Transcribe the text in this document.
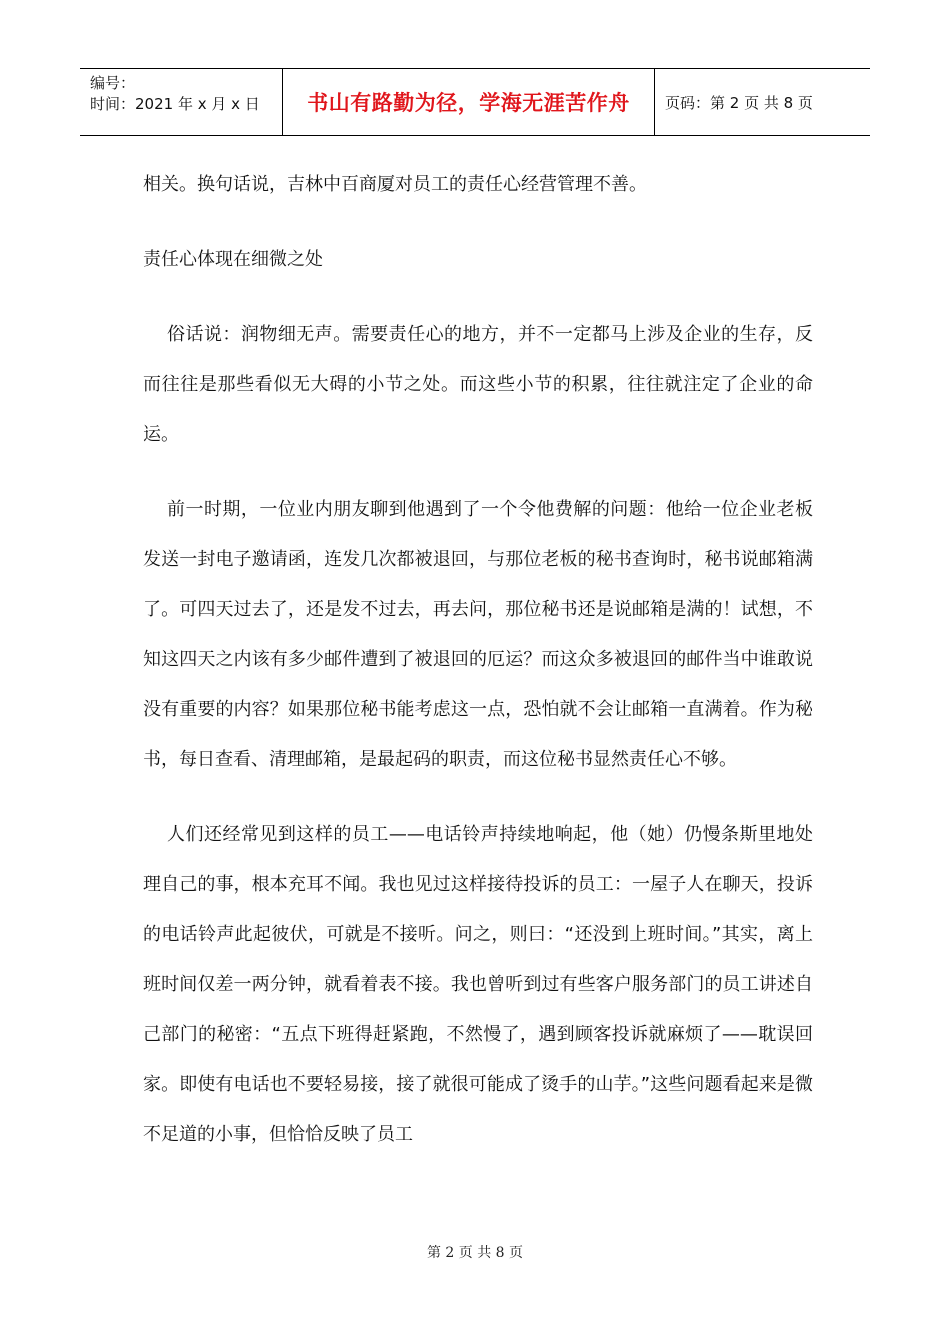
编号：
时间：2021 年 x 月 x 日	书山有路勤为径，学海无涯苦作舟 页码：第 2 页 共 8 页

相关。换句话说，吉林中百商厦对员工的责任心经营管理不善。

责任心体现在细微之处

俗话说：润物细无声。需要责任心的地方，并不一定都马上涉及企业的生存，反而往往是那些看似无大碍的小节之处。而这些小节的积累，往往就注定了企业的命运。

前一时期，一位业内朋友聊到他遇到了一个令他费解的问题：他给一位企业老板发送一封电子邀请函，连发几次都被退回，与那位老板的秘书查询时，秘书说邮箱满了。可四天过去了，还是发不过去，再去问，那位秘书还是说邮箱是满的！试想，不知这四天之内该有多少邮件遭到了被退回的厄运？而这众多被退回的邮件当中谁敢说没有重要的内容？如果那位秘书能考虑这一点，恐怕就不会让邮箱一直满着。作为秘书，每日查看、清理邮箱，是最起码的职责，而这位秘书显然责任心不够。

人们还经常见到这样的员工——电话铃声持续地响起，他（她）仍慢条斯里地处理自己的事，根本充耳不闻。我也见过这样接待投诉的员工：一屋子人在聊天，投诉的电话铃声此起彼伏，可就是不接听。问之，则曰：“还没到上班时间。”其实，离上班时间仅差一两分钟，就看着表不接。我也曾听到过有些客户服务部门的员工讲述自己部门的秘密：“五点下班得赶紧跑，不然慢了，遇到顾客投诉就麻烦了——耽误回家。即使有电话也不要轻易接，接了就很可能成了烫手的山芋。”这些问题看起来是微不足道的小事，但恰恰反映了员工

第 2 页 共 8 页
